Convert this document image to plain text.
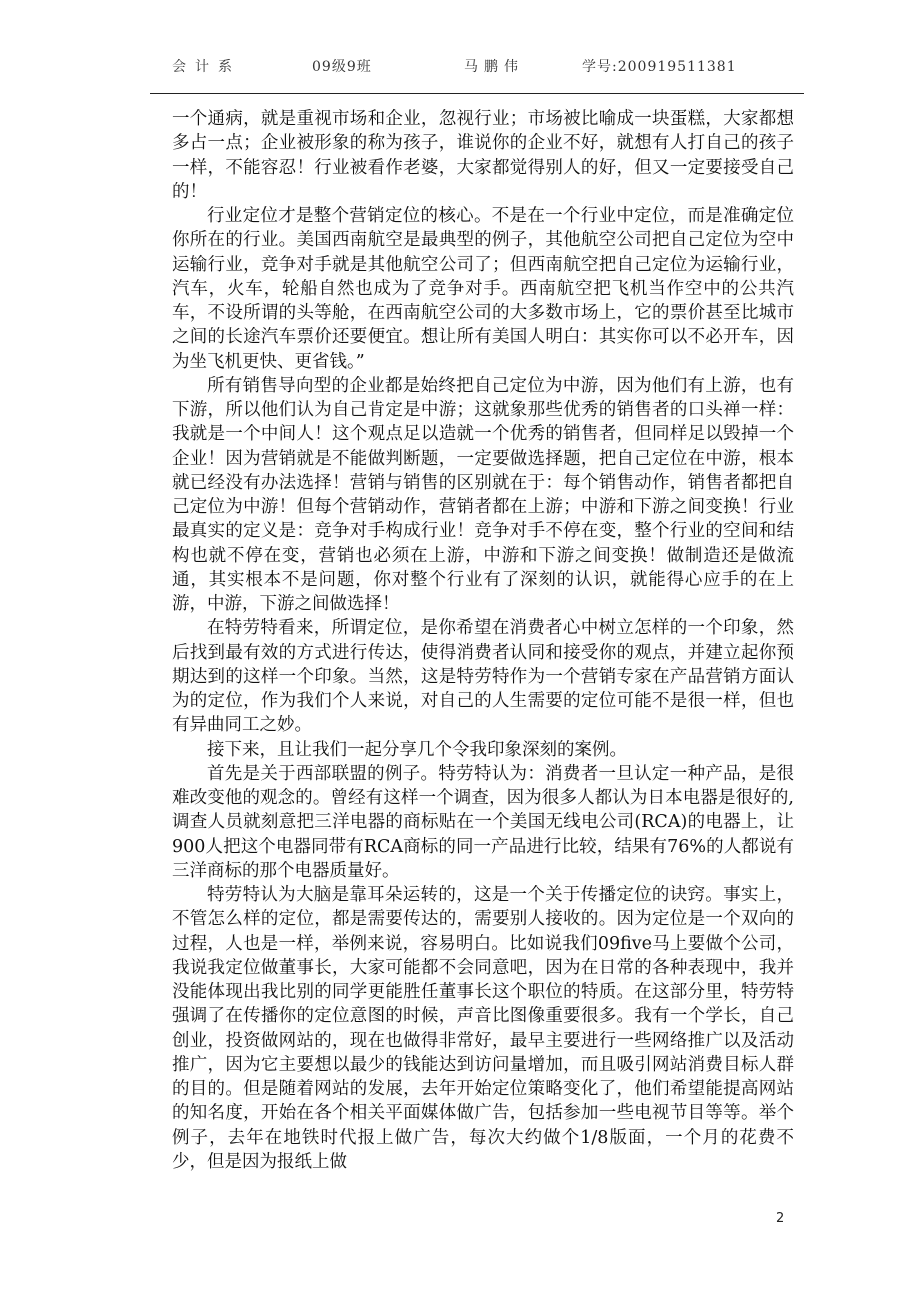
会计系	09级9班	马鹏伟	学号:200919511381

一个通病，就是重视市场和企业，忽视行业；市场被比喻成一块蛋糕，大家都想多占一点；企业被形象的称为孩子，谁说你的企业不好，就想有人打自己的孩子一样，不能容忍！行业被看作老婆，大家都觉得别人的好，但又一定要接受自己的！

行业定位才是整个营销定位的核心。不是在一个行业中定位，而是准确定位你所在的行业。美国西南航空是最典型的例子，其他航空公司把自己定位为空中运输行业，竞争对手就是其他航空公司了；但西南航空把自己定位为运输行业，汽车，火车，轮船自然也成为了竞争对手。西南航空把飞机当作空中的公共汽车，不设所谓的头等舱，在西南航空公司的大多数市场上，它的票价甚至比城市之间的长途汽车票价还要便宜。想让所有美国人明白：其实你可以不必开车，因为坐飞机更快、更省钱。”

所有销售导向型的企业都是始终把自己定位为中游，因为他们有上游，也有下游，所以他们认为自己肯定是中游；这就象那些优秀的销售者的口头禅一样：我就是一个中间人！这个观点足以造就一个优秀的销售者，但同样足以毁掉一个企业！因为营销就是不能做判断题，一定要做选择题，把自己定位在中游，根本就已经没有办法选择！营销与销售的区别就在于：每个销售动作，销售者都把自己定位为中游！但每个营销动作，营销者都在上游；中游和下游之间变换！行业最真实的定义是：竞争对手构成行业！竞争对手不停在变，整个行业的空间和结构也就不停在变，营销也必须在上游，中游和下游之间变换！做制造还是做流通，其实根本不是问题，你对整个行业有了深刻的认识，就能得心应手的在上游，中游，下游之间做选择！

在特劳特看来，所谓定位，是你希望在消费者心中树立怎样的一个印象，然后找到最有效的方式进行传达，使得消费者认同和接受你的观点，并建立起你预期达到的这样一个印象。当然，这是特劳特作为一个营销专家在产品营销方面认为的定位，作为我们个人来说，对自己的人生需要的定位可能不是很一样，但也有异曲同工之妙。

接下来，且让我们一起分享几个令我印象深刻的案例。

首先是关于西部联盟的例子。特劳特认为：消费者一旦认定一种产品，是很难改变他的观念的。曾经有这样一个调查，因为很多人都认为日本电器是很好的,调查人员就刻意把三洋电器的商标贴在一个美国无线电公司(RCA)的电器上，让900人把这个电器同带有RCA商标的同一产品进行比较，结果有76%的人都说有三洋商标的那个电器质量好。

特劳特认为大脑是靠耳朵运转的，这是一个关于传播定位的诀窍。事实上，不管怎么样的定位，都是需要传达的，需要别人接收的。因为定位是一个双向的过程，人也是一样，举例来说，容易明白。比如说我们09five马上要做个公司，我说我定位做董事长，大家可能都不会同意吧，因为在日常的各种表现中，我并没能体现出我比别的同学更能胜任董事长这个职位的特质。在这部分里，特劳特强调了在传播你的定位意图的时候，声音比图像重要很多。我有一个学长，自己创业，投资做网站的，现在也做得非常好，最早主要进行一些网络推广以及活动推广，因为它主要想以最少的钱能达到访问量增加，而且吸引网站消费目标人群的目的。但是随着网站的发展，去年开始定位策略变化了，他们希望能提高网站的知名度，开始在各个相关平面媒体做广告，包括参加一些电视节目等等。举个例子，去年在地铁时代报上做广告，每次大约做个1/8版面，一个月的花费不少，但是因为报纸上做

2
